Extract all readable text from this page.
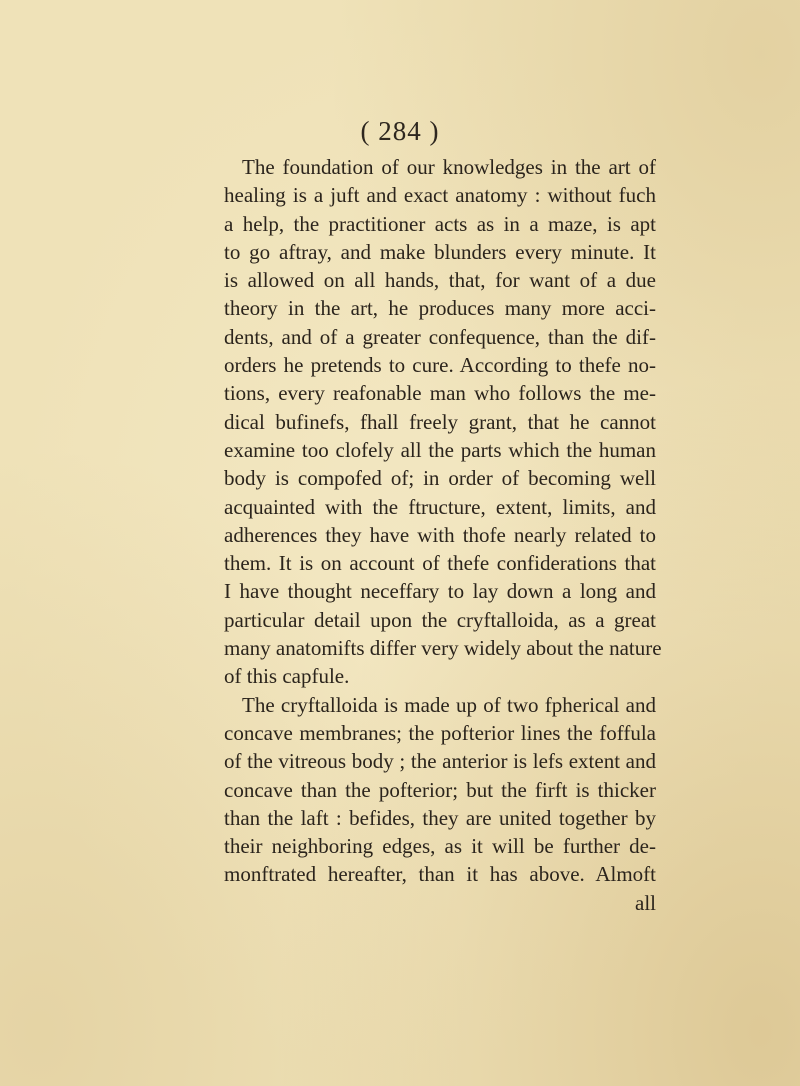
( 284 )
The foundation of our knowledges in the art of
healing is a juft and exact anatomy : without fuch
a help, the practitioner acts as in a maze, is apt
to go aftray, and make blunders every minute. It
is allowed on all hands, that, for want of a due
theory in the art, he produces many more acci-
dents, and of a greater confequence, than the dif-
orders he pretends to cure. According to thefe no-
tions, every reafonable man who follows the me-
dical bufinefs, fhall freely grant, that he cannot
examine too clofely all the parts which the human
body is compofed of; in order of becoming well
acquainted with the ftructure, extent, limits, and
adherences they have with thofe nearly related to
them. It is on account of thefe confiderations that
I have thought neceffary to lay down a long and
particular detail upon the cryftalloida, as a great
many anatomifts differ very widely about the nature
of this capfule.
The cryftalloida is made up of two fpherical and
concave membranes; the pofterior lines the foffula
of the vitreous body ; the anterior is lefs extent and
concave than the pofterior; but the firft is thicker
than the laft : befides, they are united together by
their neighboring edges, as it will be further de-
monftrated hereafter, than it has above. Almoft
all
